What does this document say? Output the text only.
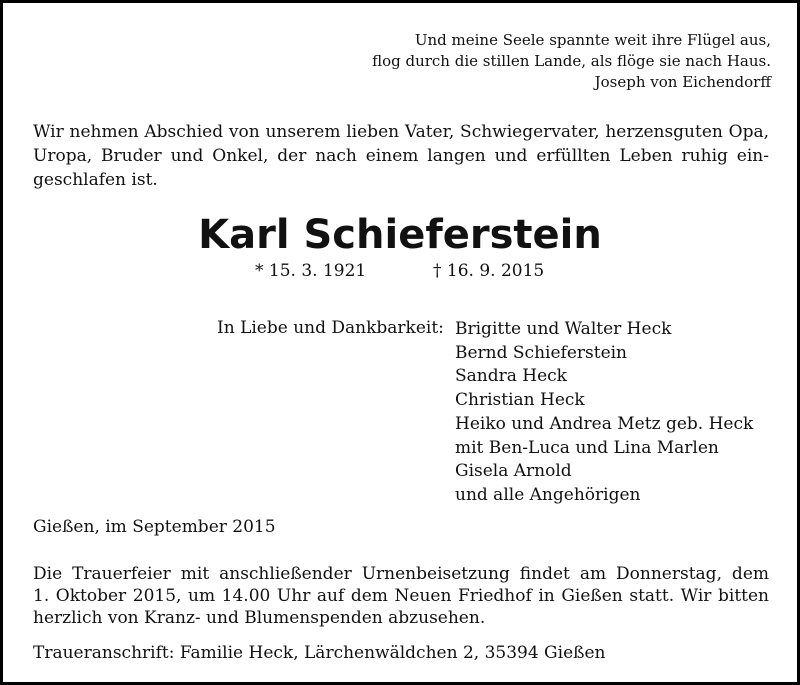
Und meine Seele spannte weit ihre Flügel aus,
flog durch die stillen Lande, als flöge sie nach Haus.
Joseph von Eichendorff
Wir nehmen Abschied von unserem lieben Vater, Schwiegervater, herzensguten Opa,
Uropa, Bruder und Onkel, der nach einem langen und erfüllten Leben ruhig ein-
geschlafen ist.
Karl Schieferstein
* 15. 3. 1921	† 16. 9. 2015
In Liebe und Dankbarkeit: Brigitte und Walter Heck
Bernd Schieferstein
Sandra Heck
Christian Heck
Heiko und Andrea Metz geb. Heck
mit Ben-Luca und Lina Marlen
Gisela Arnold
und alle Angehörigen
Gießen, im September 2015
Die Trauerfeier mit anschließender Urnenbeisetzung findet am Donnerstag, dem
1. Oktober 2015, um 14.00 Uhr auf dem Neuen Friedhof in Gießen statt. Wir bitten
herzlich von Kranz- und Blumenspenden abzusehen.
Traueranschrift: Familie Heck, Lärchenwäldchen 2, 35394 Gießen
